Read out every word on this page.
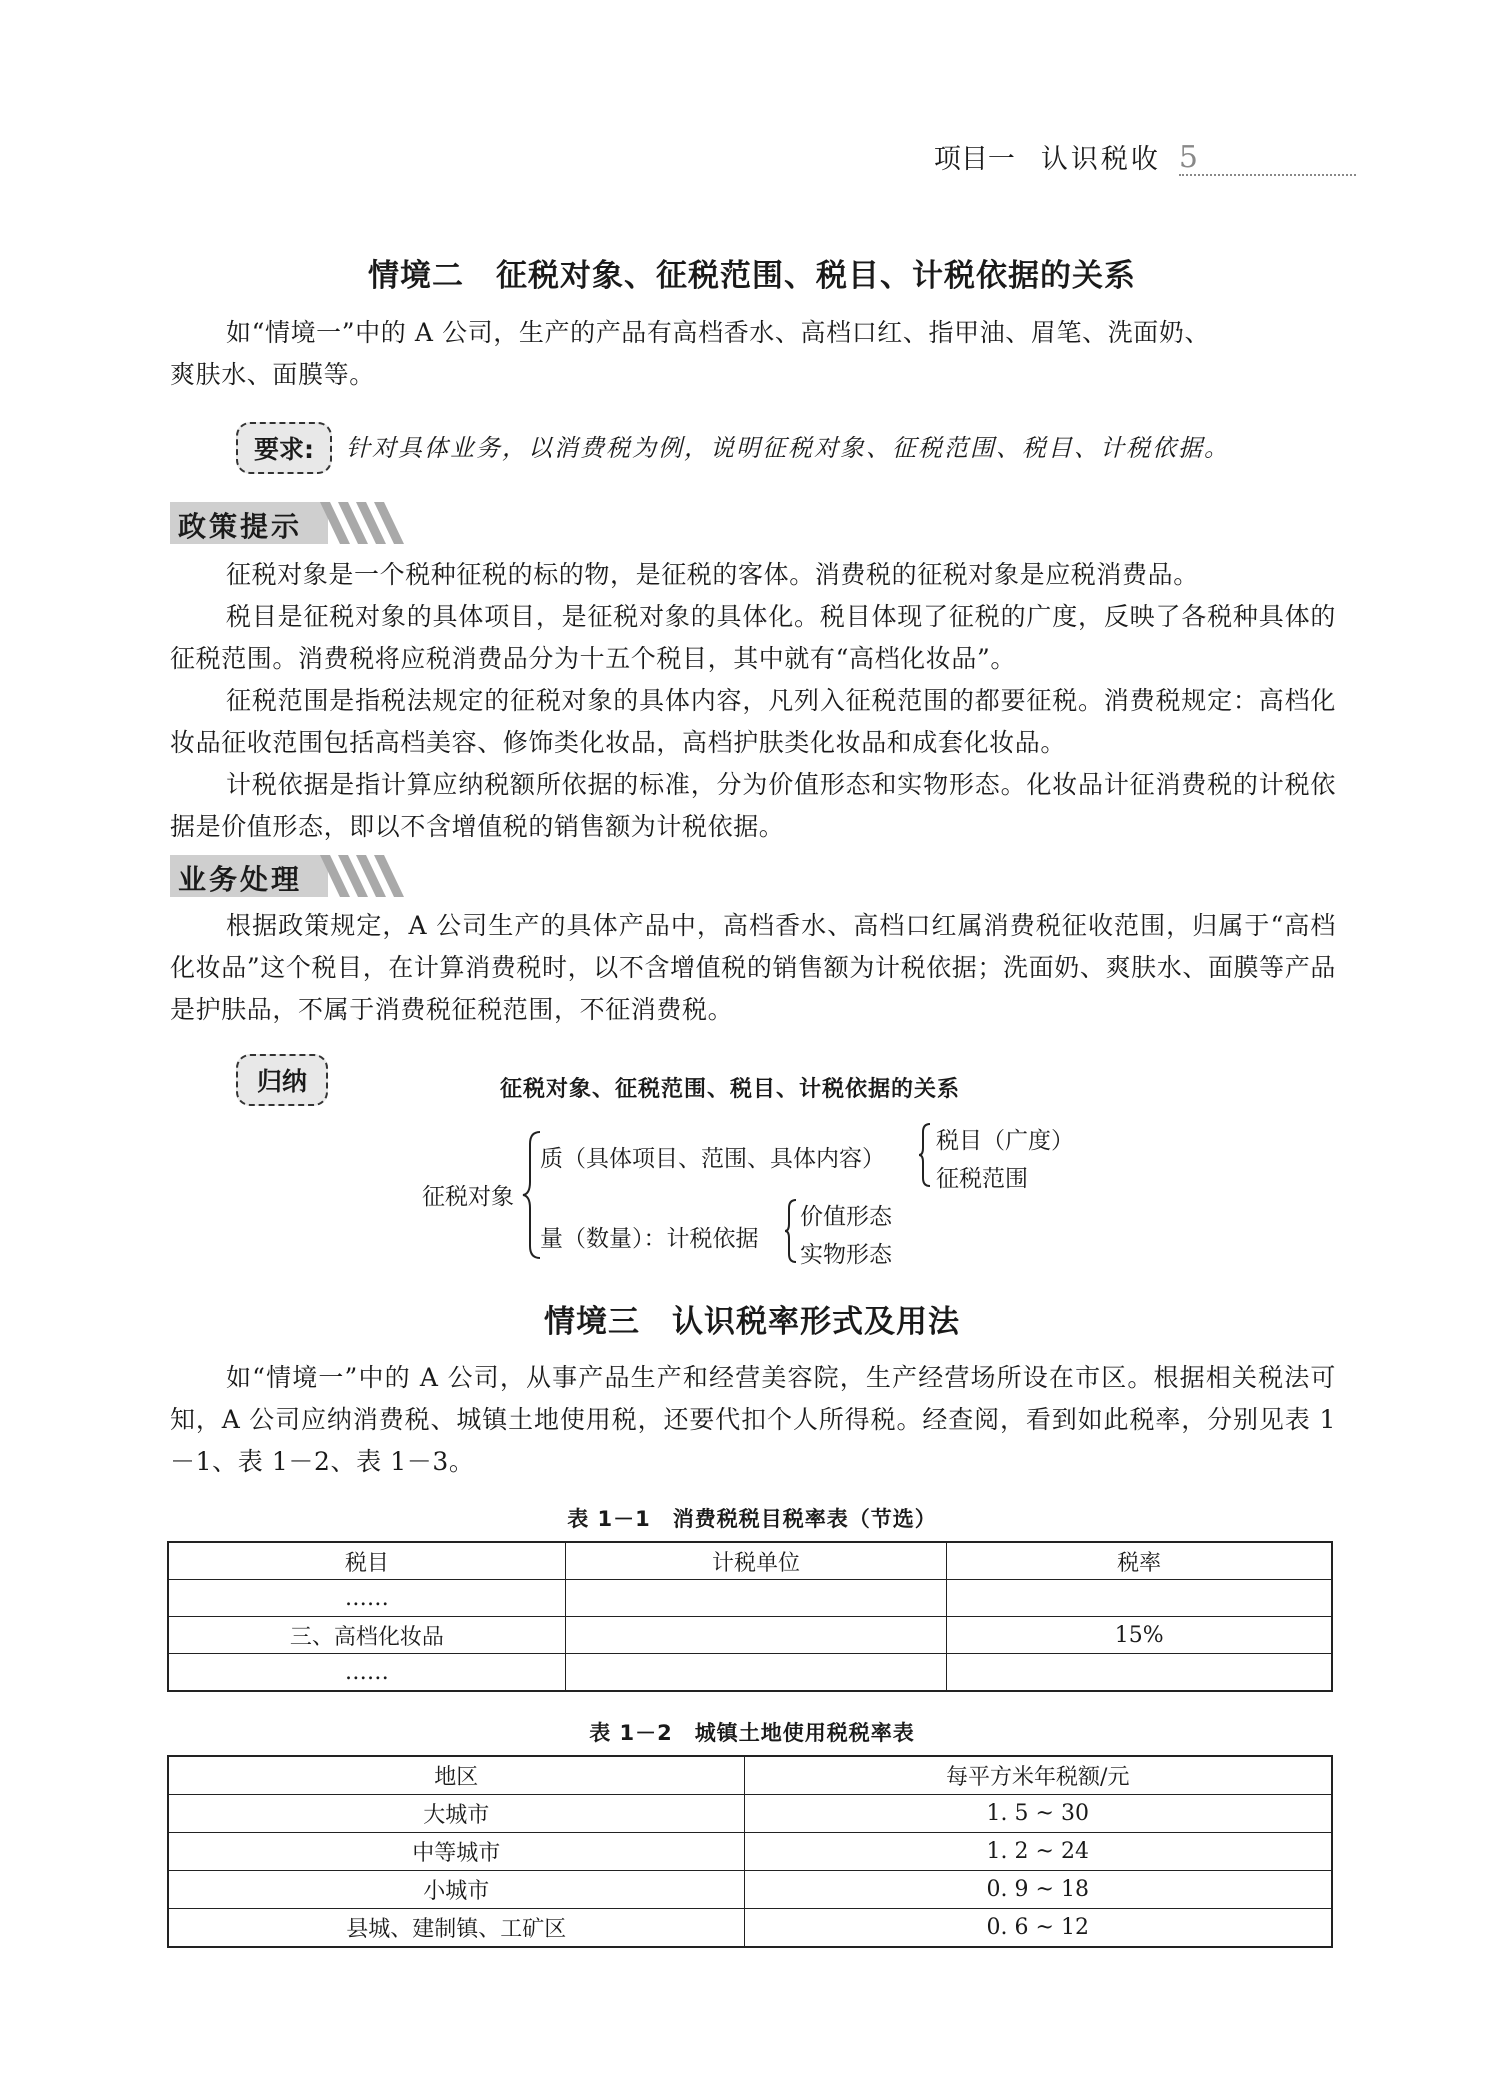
项目一 认识税收 5
情境二　征税对象、征税范围、税目、计税依据的关系

如“情境一”中的 A 公司，生产的产品有高档香水、高档口红、指甲油、眉笔、洗面奶、

爽肤水、面膜等。

要求: 针对具体业务，以消费税为例，说明征税对象、征税范围、税目、计税依据。
政策提示

征税对象是一个税种征税的标的物，是征税的客体。消费税的征税对象是应税消费品。

税目是征税对象的具体项目，是征税对象的具体化。税目体现了征税的广度，反映了各税种具体的征税范围。消费税将应税消费品分为十五个税目，其中就有“高档化妆品”。

征税范围是指税法规定的征税对象的具体内容，凡列入征税范围的都要征税。消费税规定：高档化妆品征收范围包括高档美容、修饰类化妆品，高档护肤类化妆品和成套化妆品。

计税依据是指计算应纳税额所依据的标准，分为价值形态和实物形态。化妆品计征消费税的计税依据是价值形态，即以不含增值税的销售额为计税依据。

业务处理

根据政策规定，A 公司生产的具体产品中，高档香水、高档口红属消费税征收范围，归属于“高档化妆品”这个税目，在计算消费税时，以不含增值税的销售额为计税依据；洗面奶、爽肤水、面膜等产品是护肤品，不属于消费税征税范围，不征消费税。

归纳	征税对象、征税范围、税目、计税依据的关系
征税对象
质（具体项目、范围、具体内容）
税目（广度）
征税范围
量（数量）：计税依据
价值形态
实物形态
情境三　认识税率形式及用法

如“情境一”中的 A 公司，从事产品生产和经营美容院，生产经营场所设在市区。根据相关税法可知，A 公司应纳消费税、城镇土地使用税，还要代扣个人所得税。经查阅，看到如此税率，分别见表 1－1、表 1－2、表 1－3。

表 1－1　消费税税目税率表（节选）
税目	计税单位	税率
……		
三、高档化妆品		15%
……		
表 1－2　城镇土地使用税税率表
地区	每平方米年税额/元
大城市	1. 5 ~ 30
中等城市	1. 2 ~ 24
小城市	0. 9 ~ 18
县城、建制镇、工矿区	0. 6 ~ 12
